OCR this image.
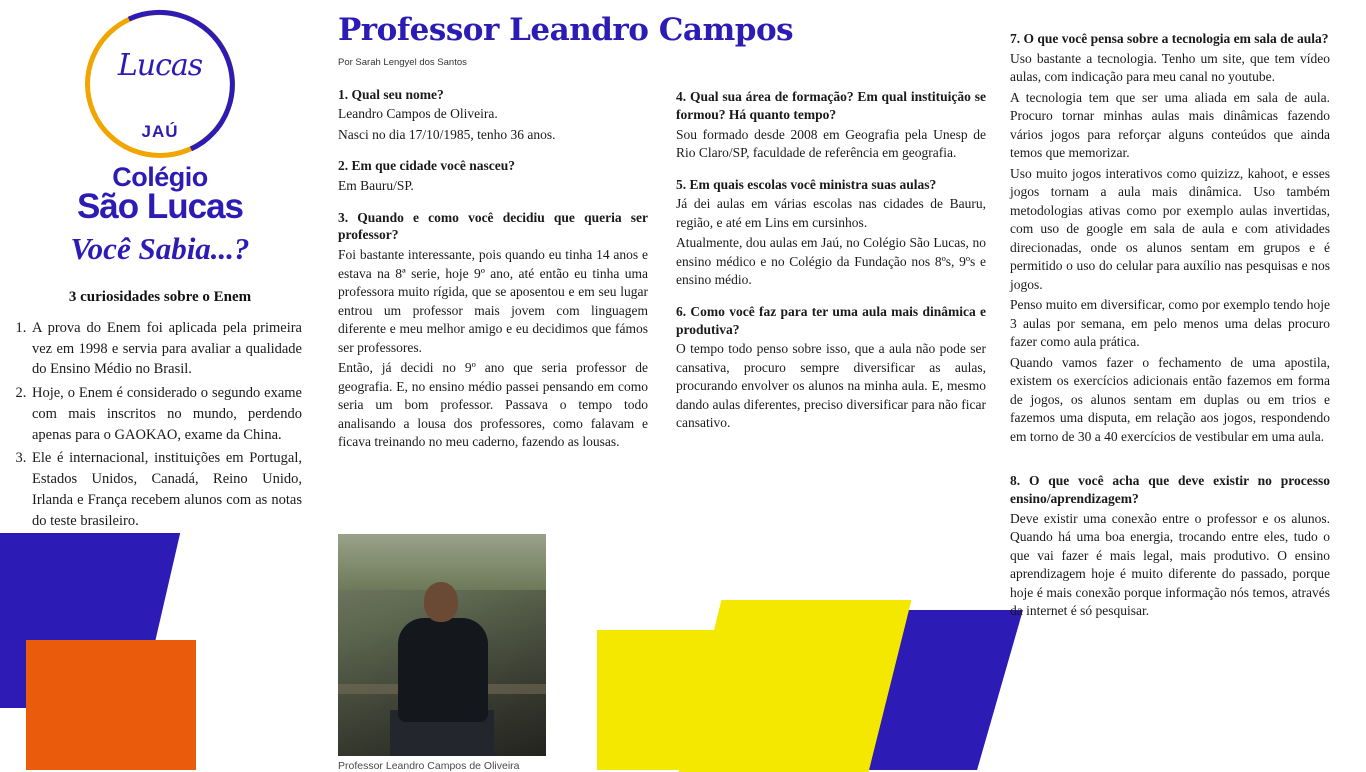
Lucas
JAÚ
Colégio
São Lucas
Você Sabia...?
3 curiosidades sobre o Enem
1. A prova do Enem foi aplicada pela primeira vez em 1998 e servia para avaliar a qualidade do Ensino Médio no Brasil.
2. Hoje, o Enem é considerado o segundo exame com mais inscritos no mundo, perdendo apenas para o GAOKAO, exame da China.
3. Ele é internacional, instituições em Portugal, Estados Unidos, Canadá, Reino Unido, Irlanda e França recebem alunos com as notas do teste brasileiro.
Professor Leandro Campos
Por Sarah Lengyel dos Santos
1. Qual seu nome?
Leandro Campos de Oliveira.
Nasci no dia 17/10/1985, tenho 36 anos.
2. Em que cidade você nasceu?
Em Bauru/SP.
3. Quando e como você decidiu que queria ser professor?
Foi bastante interessante, pois quando eu tinha 14 anos e estava na 8ª serie, hoje 9º ano, até então eu tinha uma professora muito rígida, que se aposentou e em seu lugar entrou um professor mais jovem com linguagem diferente e meu melhor amigo e eu decidimos que fámos ser professores.
Então, já decidi no 9º ano que seria professor de geografia. E, no ensino médio passei pensando em como seria um bom professor. Passava o tempo todo analisando a lousa dos professores, como falavam e ficava treinando no meu caderno, fazendo as lousas.
Professor Leandro Campos de Oliveira
4. Qual sua área de formação? Em qual instituição se formou? Há quanto tempo?
Sou formado desde 2008 em Geografia pela Unesp de Rio Claro/SP, faculdade de referência em geografia.
5. Em quais escolas você ministra suas aulas?
Já dei aulas em várias escolas nas cidades de Bauru, região, e até em Lins em cursinhos.
Atualmente, dou aulas em Jaú, no Colégio São Lucas, no ensino médico e no Colégio da Fundação nos 8ºs, 9ºs e ensino médio.
6. Como você faz para ter uma aula mais dinâmica e produtiva?
O tempo todo penso sobre isso, que a aula não pode ser cansativa, procuro sempre diversificar as aulas, procurando envolver os alunos na minha aula. E, mesmo dando aulas diferentes, preciso diversificar para não ficar cansativo.
7. O que você pensa sobre a tecnologia em sala de aula?
Uso bastante a tecnologia. Tenho um site, que tem vídeo aulas, com indicação para meu canal no youtube.
A tecnologia tem que ser uma aliada em sala de aula. Procuro tornar minhas aulas mais dinâmicas fazendo vários jogos para reforçar alguns conteúdos que ainda temos que memorizar.
Uso muito jogos interativos como quizizz, kahoot, e esses jogos tornam a aula mais dinâmica. Uso também metodologias ativas como por exemplo aulas invertidas, com uso de google em sala de aula e com atividades direcionadas, onde os alunos sentam em grupos e é permitido o uso do celular para auxílio nas pesquisas e nos jogos.
Penso muito em diversificar, como por exemplo tendo hoje 3 aulas por semana, em pelo menos uma delas procuro fazer como aula prática.
Quando vamos fazer o fechamento de uma apostila, existem os exercícios adicionais então fazemos em forma de jogos, os alunos sentam em duplas ou em trios e fazemos uma disputa, em relação aos jogos, respondendo em torno de 30 a 40 exercícios de vestibular em uma aula.
8. O que você acha que deve existir no processo ensino/aprendizagem?
Deve existir uma conexão entre o professor e os alunos. Quando há uma boa energia, trocando entre eles, tudo o que vai fazer é mais legal, mais produtivo. O ensino aprendizagem hoje é muito diferente do passado, porque hoje é mais conexão porque informação nós temos, através da internet é só pesquisar.
